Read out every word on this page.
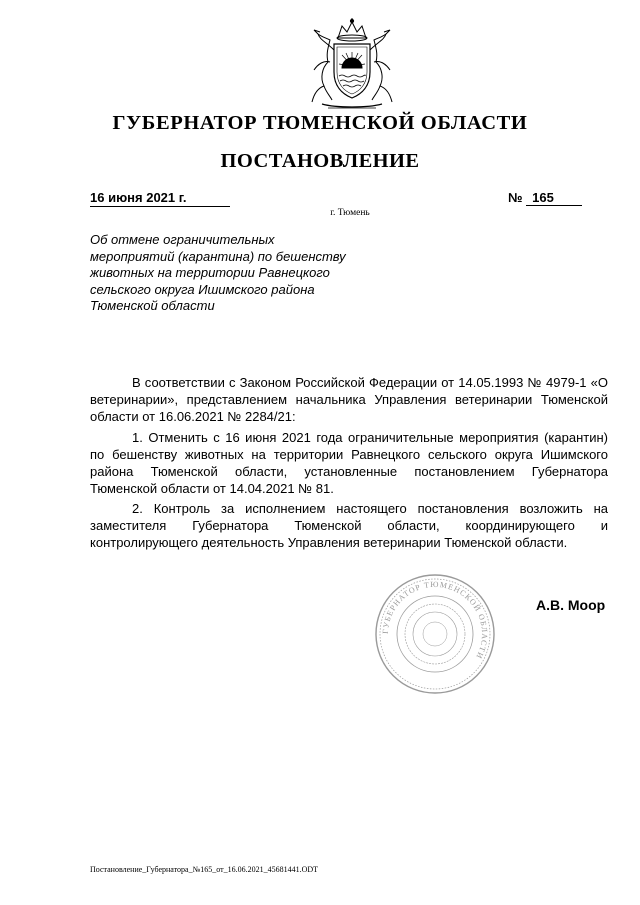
ГУБЕРНАТОР ТЮМЕНСКОЙ ОБЛАСТИ
ПОСТАНОВЛЕНИЕ
16 июня 2021 г.	№ 165
г. Тюмень
Об отмене ограничительных мероприятий (карантина) по бешенству животных на территории Равнецкого сельского округа Ишимского района Тюменской области
В соответствии с Законом Российской Федерации от 14.05.1993 № 4979-1 «О ветеринарии», представлением начальника Управления ветеринарии Тюменской области от 16.06.2021 № 2284/21:
1. Отменить с 16 июня 2021 года ограничительные мероприятия (карантин) по бешенству животных на территории Равнецкого сельского округа Ишимского района Тюменской области, установленные постановлением Губернатора Тюменской области от 14.04.2021 № 81.
2. Контроль за исполнением настоящего постановления возложить на заместителя Губернатора Тюменской области, координирующего и контролирующего деятельность Управления ветеринарии Тюменской области.
ГУБЕРНАТОР ТЮМЕНСКОЙ ОБЛАСТИ
А.В. Моор
Постановление_Губернатора_№165_от_16.06.2021_45681441.ODT
